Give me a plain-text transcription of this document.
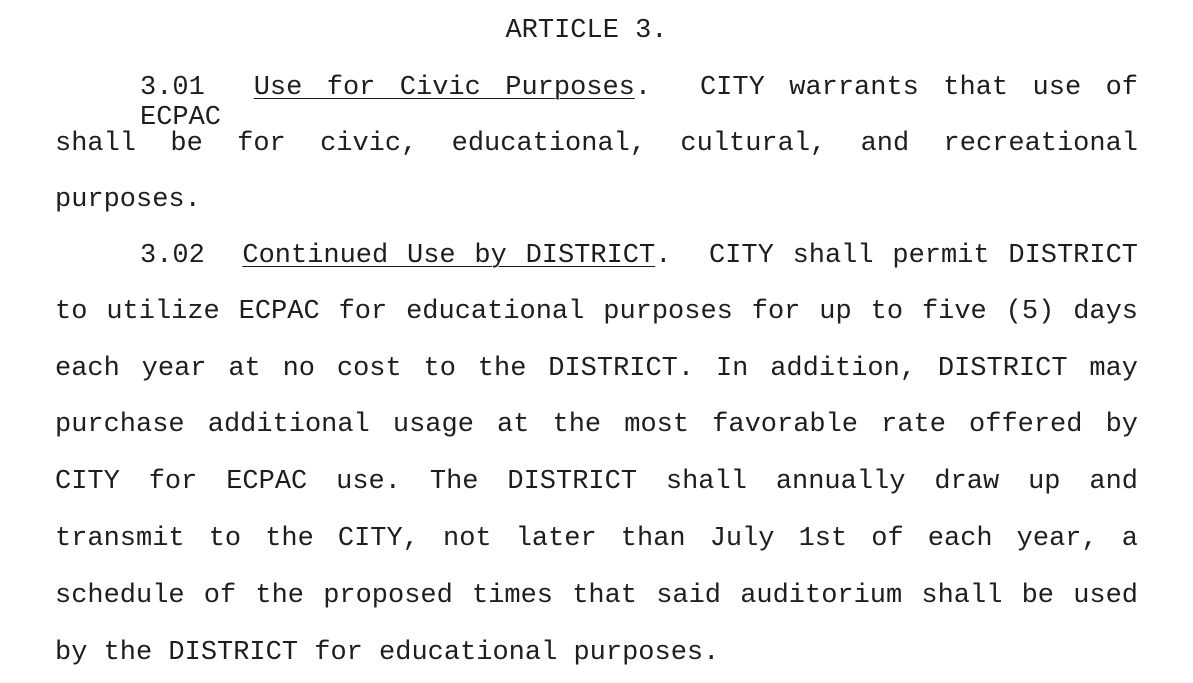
ARTICLE 3.
3.01 Use for Civic Purposes. CITY warrants that use of ECPAC
shall be for civic, educational, cultural, and recreational
purposes.
3.02 Continued Use by DISTRICT. CITY shall permit DISTRICT
to utilize ECPAC for educational purposes for up to five (5) days
each year at no cost to the DISTRICT. In addition, DISTRICT may
purchase additional usage at the most favorable rate offered by
CITY for ECPAC use. The DISTRICT shall annually draw up and
transmit to the CITY, not later than July 1st of each year, a
schedule of the proposed times that said auditorium shall be used
by the DISTRICT for educational purposes.
